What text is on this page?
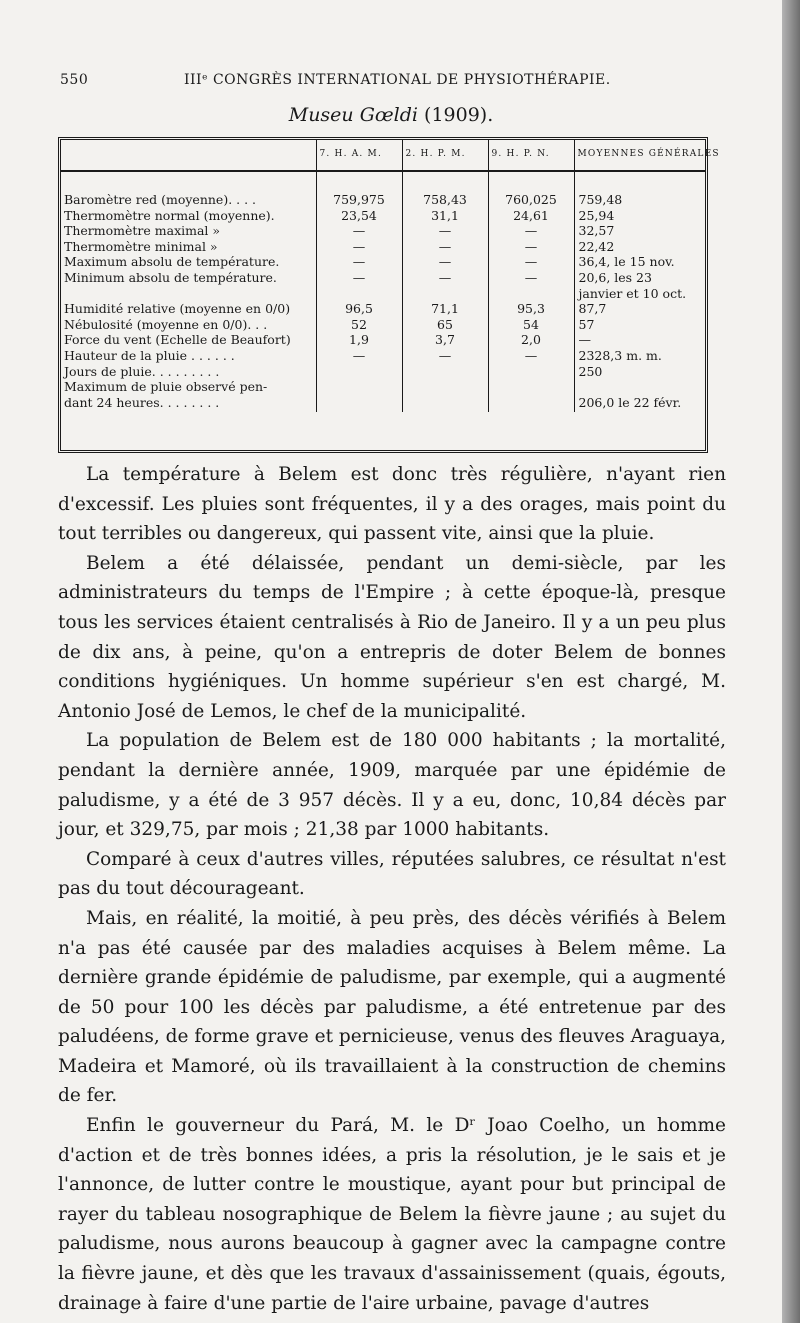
550	IIIᵉ CONGRÈS INTERNATIONAL DE PHYSIOTHÉRAPIE.
Museu Gœldi (1909).
	7. H. A. M.	2. H. P. M.	9. H. P. N.	MOYENNES GÉNÉRALES

Baromètre red (moyenne). . . .	759,975	758,43	760,025	759,48
Thermomètre normal (moyenne).	23,54	31,1	24,61	25,94
Thermomètre maximal »	—	—	—	32,57
Thermomètre minimal »	—	—	—	22,42
Maximum absolu de température.	—	—	—	36,4, le 15 nov.
Minimum absolu de température.	—	—	—	20,6, les 23
				janvier et 10 oct.
Humidité relative (moyenne en 0/0)	96,5	71,1	95,3	87,7
Nébulosité (moyenne en 0/0). . .	52	65	54	57
Force du vent (Echelle de Beaufort)	1,9	3,7	2,0	—
Hauteur de la pluie . . . . . .	—	—	—	2328,3 m. m.
Jours de pluie. . . . . . . . .				250
Maximum de pluie observé pen-				
dant 24 heures. . . . . . . .				206,0 le 22 févr.

La température à Belem est donc très régulière, n'ayant rien d'excessif. Les pluies sont fréquentes, il y a des orages, mais point du tout terribles ou dangereux, qui passent vite, ainsi que la pluie.

Belem a été délaissée, pendant un demi-siècle, par les administrateurs du temps de l'Empire ; à cette époque-là, presque tous les services étaient centralisés à Rio de Janeiro. Il y a un peu plus de dix ans, à peine, qu'on a entrepris de doter Belem de bonnes conditions hygiéniques. Un homme supérieur s'en est chargé, M. Antonio José de Lemos, le chef de la municipalité.

La population de Belem est de 180 000 habitants ; la mortalité, pendant la dernière année, 1909, marquée par une épidémie de paludisme, y a été de 3 957 décès. Il y a eu, donc, 10,84 décès par jour, et 329,75, par mois ; 21,38 par 1000 habitants.

Comparé à ceux d'autres villes, réputées salubres, ce résultat n'est pas du tout décourageant.

Mais, en réalité, la moitié, à peu près, des décès vérifiés à Belem n'a pas été causée par des maladies acquises à Belem même. La dernière grande épidémie de paludisme, par exemple, qui a augmenté de 50 pour 100 les décès par paludisme, a été entretenue par des paludéens, de forme grave et pernicieuse, venus des fleuves Araguaya, Madeira et Mamoré, où ils travaillaient à la construction de chemins de fer.

Enfin le gouverneur du Pará, M. le Dʳ Joao Coelho, un homme d'action et de très bonnes idées, a pris la résolution, je le sais et je l'annonce, de lutter contre le moustique, ayant pour but principal de rayer du tableau nosographique de Belem la fièvre jaune ; au sujet du paludisme, nous aurons beaucoup à gagner avec la campagne contre la fièvre jaune, et dès que les travaux d'assainissement (quais, égouts, drainage à faire d'une partie de l'aire urbaine, pavage d'autres
